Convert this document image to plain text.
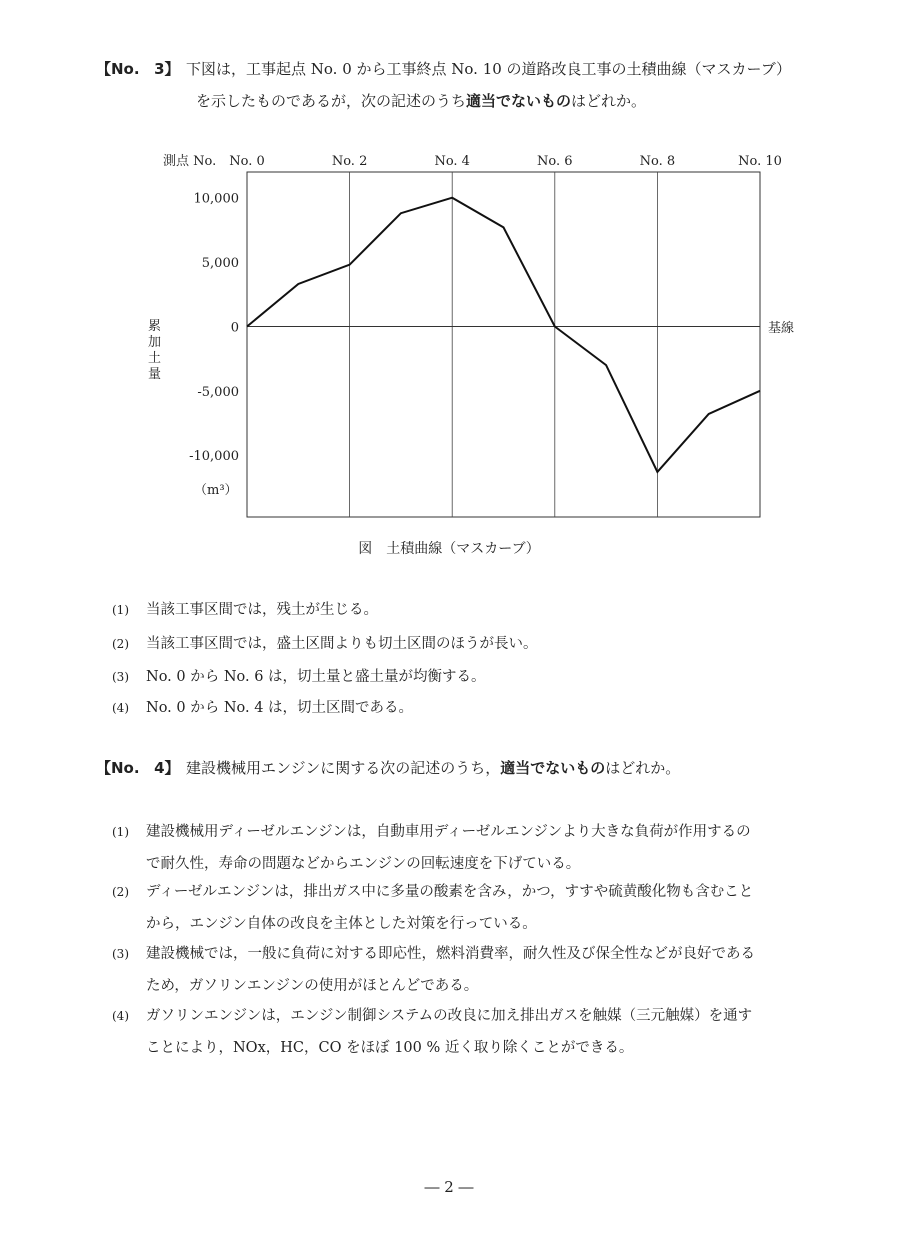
【No. 3】 下図は，工事起点 No. 0 から工事終点 No. 10 の道路改良工事の土積曲線（マスカーブ）
を示したものであるが，次の記述のうち適当でないものはどれか。
No. 0	No. 2	No. 4	No. 6	No. 8	No. 10
10,000
5,000
0
-5,000
-10,000
測点 No.
基線
（m³）
累
加
土
量
図　土積曲線（マスカーブ）
(1) 当該工事区間では，残土が生じる。
(2) 当該工事区間では，盛土区間よりも切土区間のほうが長い。
(3) No. 0 から No. 6 は，切土量と盛土量が均衡する。
(4) No. 0 から No. 4 は，切土区間である。
【No. 4】 建設機械用エンジンに関する次の記述のうち，適当でないものはどれか。
(1) 建設機械用ディーゼルエンジンは，自動車用ディーゼルエンジンより大きな負荷が作用するの
で耐久性，寿命の問題などからエンジンの回転速度を下げている。
(2) ディーゼルエンジンは，排出ガス中に多量の酸素を含み，かつ，すすや硫黄酸化物も含むこと
から，エンジン自体の改良を主体とした対策を行っている。
(3) 建設機械では，一般に負荷に対する即応性，燃料消費率，耐久性及び保全性などが良好である
ため，ガソリンエンジンの使用がほとんどである。
(4) ガソリンエンジンは，エンジン制御システムの改良に加え排出ガスを触媒（三元触媒）を通す
ことにより，NOx，HC，CO をほぼ 100 % 近く取り除くことができる。
― 2 ―
